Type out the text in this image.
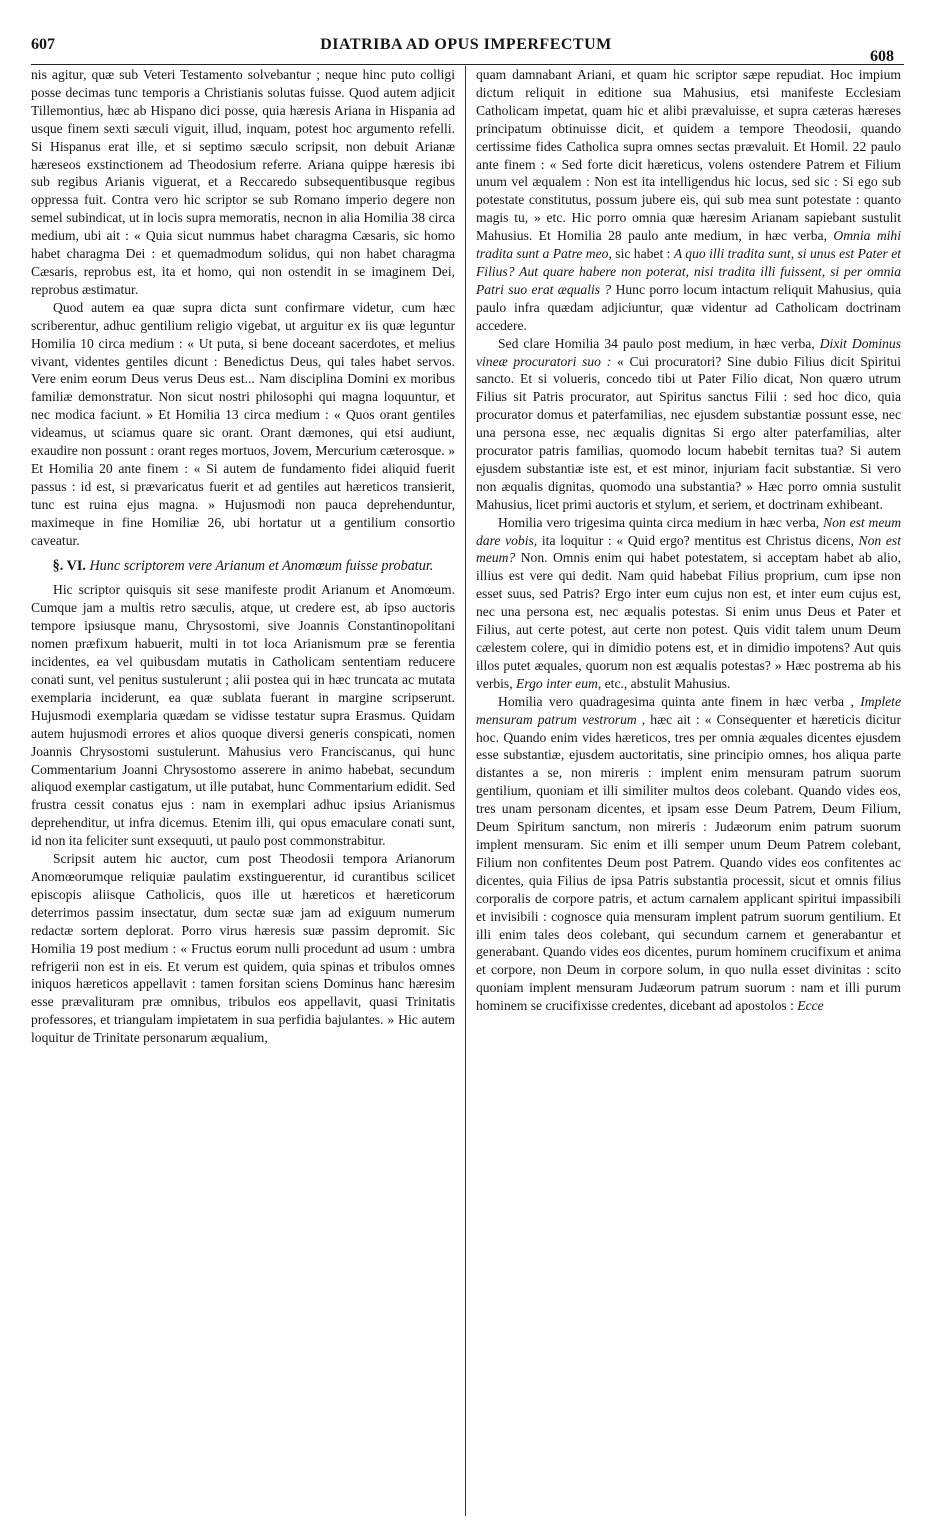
607	DIATRIBA AD OPUS IMPERFECTUM
608

nis agitur, quæ sub Veteri Testamento solvebantur ; neque hinc puto colligi posse decimas tunc temporis a Christianis solutas fuisse. Quod autem adjicit Tillemontius, hæc ab Hispano dici posse, quia hæresis Ariana in Hispania ad usque finem sexti sæculi viguit, illud, inquam, potest hoc argumento refelli. Si Hispanus erat ille, et si septimo sæculo scripsit, non debuit Arianæ hæreseos exstinctionem ad Theodosium referre. Ariana quippe hæresis ibi sub regibus Arianis viguerat, et a Reccaredo subsequentibusque regibus oppressa fuit. Contra vero hic scriptor se sub Romano imperio degere non semel subindicat, ut in locis supra memoratis, necnon in alia Homilia 38 circa medium, ubi ait : « Quia sicut nummus habet charagma Cæsaris, sic homo habet charagma Dei : et quemadmodum solidus, qui non habet charagma Cæsaris, reprobus est, ita et homo, qui non ostendit in se imaginem Dei, reprobus æstimatur.

Quod autem ea quæ supra dicta sunt confirmare videtur, cum hæc scriberentur, adhuc gentilium religio vigebat, ut arguitur ex iis quæ leguntur Homilia 10 circa medium : « Ut puta, si bene doceant sacerdotes, et melius vivant, videntes gentiles dicunt : Benedictus Deus, qui tales habet servos. Vere enim eorum Deus verus Deus est... Nam disciplina Domini ex moribus familiæ demonstratur. Non sicut nostri philosophi qui magna loquuntur, et nec modica faciunt. » Et Homilia 13 circa medium : « Quos orant gentiles videamus, ut sciamus quare sic orant. Orant dæmones, qui etsi audiunt, exaudire non possunt : orant reges mortuos, Jovem, Mercurium cæterosque. » Et Homilia 20 ante finem : « Si autem de fundamento fidei aliquid fuerit passus : id est, si prævaricatus fuerit et ad gentiles aut hæreticos transierit, tunc est ruina ejus magna. » Hujusmodi non pauca deprehenduntur, maximeque in fine Homiliæ 26, ubi hortatur ut a gentilium consortio caveatur.

§. VI. Hunc scriptorem vere Arianum et Anomœum fuisse probatur.

Hic scriptor quisquis sit sese manifeste prodit Arianum et Anomœum. Cumque jam a multis retro sæculis, atque, ut credere est, ab ipso auctoris tempore ipsiusque manu, Chrysostomi, sive Joannis Constantinopolitani nomen præfixum habuerit, multi in tot loca Arianismum præ se ferentia incidentes, ea vel quibusdam mutatis in Catholicam sententiam reducere conati sunt, vel penitus sustulerunt ; alii postea qui in hæc truncata ac mutata exemplaria inciderunt, ea quæ sublata fuerant in margine scripserunt. Hujusmodi exemplaria quædam se vidisse testatur supra Erasmus. Quidam autem hujusmodi errores et alios quoque diversi generis conspicati, nomen Joannis Chrysostomi sustulerunt. Mahusius vero Franciscanus, qui hunc Commentarium Joanni Chrysostomo asserere in animo habebat, secundum aliquod exemplar castigatum, ut ille putabat, hunc Commentarium edidit. Sed frustra cessit conatus ejus : nam in exemplari adhuc ipsius Arianismus deprehenditur, ut infra dicemus. Etenim illi, qui opus emaculare conati sunt, id non ita feliciter sunt exsequuti, ut paulo post commonstrabitur.

Scripsit autem hic auctor, cum post Theodosii tempora Arianorum Anomœorumque reliquiæ paulatim exstinguerentur, id curantibus scilicet episcopis aliisque Catholicis, quos ille ut hæreticos et hæreticorum deterrimos passim insectatur, dum sectæ suæ jam ad exiguum numerum redactæ sortem deplorat. Porro virus hæresis suæ passim depromit. Sic Homilia 19 post medium : « Fructus eorum nulli procedunt ad usum : umbra refrigerii non est in eis. Et verum est quidem, quia spinas et tribulos omnes iniquos hæreticos appellavit : tamen forsitan sciens Dominus hanc hæresim esse prævalituram præ omnibus, tribulos eos appellavit, quasi Trinitatis professores, et triangulam impietatem in sua perfidia bajulantes. » Hic autem loquitur de Trinitate personarum æqualium,

quam damnabant Ariani, et quam hic scriptor sæpe repudiat. Hoc impium dictum reliquit in editione sua Mahusius, etsi manifeste Ecclesiam Catholicam impetat, quam hic et alibi prævaluisse, et supra cæteras hæreses principatum obtinuisse dicit, et quidem a tempore Theodosii, quando certissime fides Catholica supra omnes sectas prævaluit. Et Homil. 22 paulo ante finem : « Sed forte dicit hæreticus, volens ostendere Patrem et Filium unum vel æqualem : Non est ita intelligendus hic locus, sed sic : Si ego sub potestate constitutus, possum jubere eis, qui sub mea sunt potestate : quanto magis tu, » etc. Hic porro omnia quæ hæresim Arianam sapiebant sustulit Mahusius. Et Homilia 28 paulo ante medium, in hæc verba, Omnia mihi tradita sunt a Patre meo, sic habet : A quo illi tradita sunt, si unus est Pater et Filius? Aut quare habere non poterat, nisi tradita illi fuissent, si per omnia Patri suo erat æqualis ? Hunc porro locum intactum reliquit Mahusius, quia paulo infra quædam adjiciuntur, quæ videntur ad Catholicam doctrinam accedere.

Sed clare Homilia 34 paulo post medium, in hæc verba, Dixit Dominus vineæ procuratori suo : « Cui procuratori? Sine dubio Filius dicit Spiritui sancto. Et si volueris, concedo tibi ut Pater Filio dicat, Non quæro utrum Filius sit Patris procurator, aut Spiritus sanctus Filii : sed hoc dico, quia procurator domus et paterfamilias, nec ejusdem substantiæ possunt esse, nec una persona esse, nec æqualis dignitas Si ergo alter paterfamilias, alter procurator patris familias, quomodo locum habebit ternitas tua? Si autem ejusdem substantiæ iste est, et est minor, injuriam facit substantiæ. Si vero non æqualis dignitas, quomodo una substantia? » Hæc porro omnia sustulit Mahusius, licet primi auctoris et stylum, et seriem, et doctrinam exhibeant.

Homilia vero trigesima quinta circa medium in hæc verba, Non est meum dare vobis, ita loquitur : « Quid ergo? mentitus est Christus dicens, Non est meum? Non. Omnis enim qui habet potestatem, si acceptam habet ab alio, illius est vere qui dedit. Nam quid habebat Filius proprium, cum ipse non esset suus, sed Patris? Ergo inter eum cujus non est, et inter eum cujus est, nec una persona est, nec æqualis potestas. Si enim unus Deus et Pater et Filius, aut certe potest, aut certe non potest. Quis vidit talem unum Deum cælestem colere, qui in dimidio potens est, et in dimidio impotens? Aut quis illos putet æquales, quorum non est æqualis potestas? » Hæc postrema ab his verbis, Ergo inter eum, etc., abstulit Mahusius.

Homilia vero quadragesima quinta ante finem in hæc verba , Implete mensuram patrum vestrorum , hæc ait : « Consequenter et hæreticis dicitur hoc. Quando enim vides hæreticos, tres per omnia æquales dicentes ejusdem esse substantiæ, ejusdem auctoritatis, sine principio omnes, hos aliqua parte distantes a se, non mireris : implent enim mensuram patrum suorum gentilium, quoniam et illi similiter multos deos colebant. Quando vides eos, tres unam personam dicentes, et ipsam esse Deum Patrem, Deum Filium, Deum Spiritum sanctum, non mireris : Judæorum enim patrum suorum implent mensuram. Sic enim et illi semper unum Deum Patrem colebant, Filium non confitentes Deum post Patrem. Quando vides eos confitentes ac dicentes, quia Filius de ipsa Patris substantia processit, sicut et omnis filius corporalis de corpore patris, et actum carnalem applicant spiritui impassibili et invisibili : cognosce quia mensuram implent patrum suorum gentilium. Et illi enim tales deos colebant, qui secundum carnem et generabantur et generabant. Quando vides eos dicentes, purum hominem crucifixum et anima et corpore, non Deum in corpore solum, in quo nulla esset divinitas : scito quoniam implent mensuram Judæorum patrum suorum : nam et illi purum hominem se crucifixisse credentes, dicebant ad apostolos : Ecce
